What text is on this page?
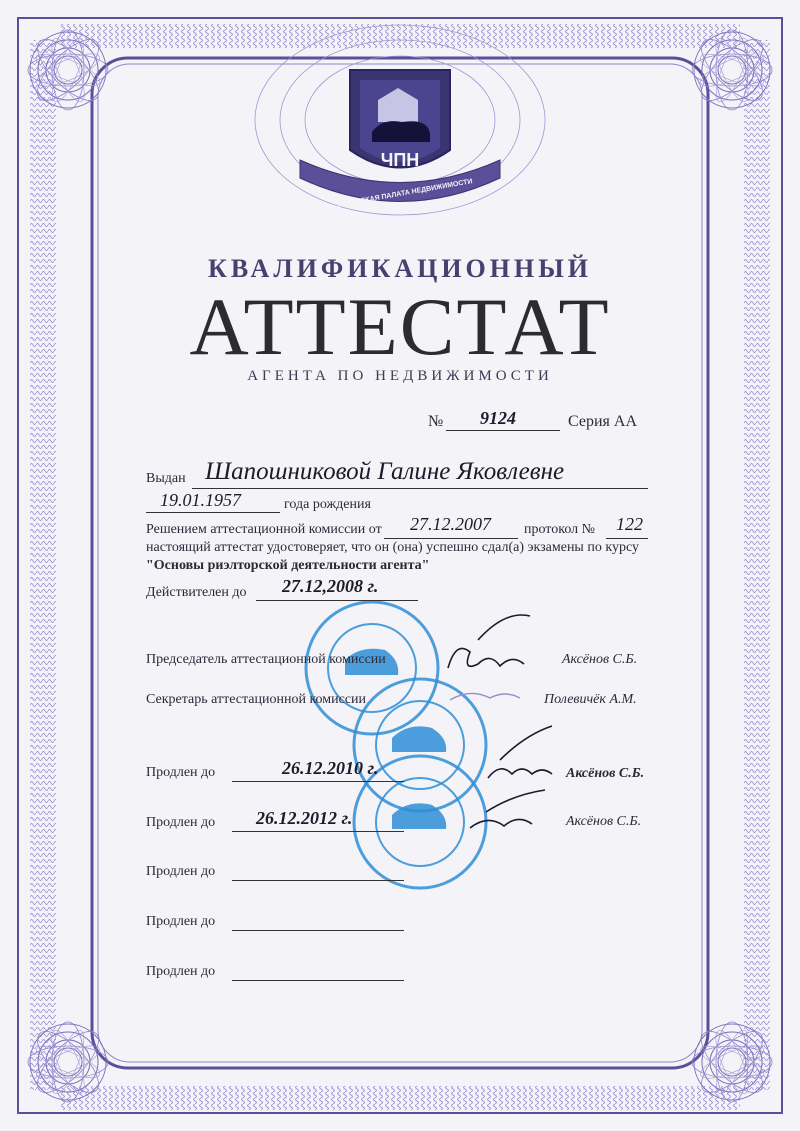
ЧПН
УРАЛЬСКАЯ ПАЛАТА НЕДВИЖИМОСТИ
КВАЛИФИКАЦИОННЫЙ
АТТЕСТАТ
АГЕНТА ПО НЕДВИЖИМОСТИ
№ 9124	Серия АА
Выдан Шапошниковой Галине Яковлевне
19.01.1957	года рождения
Решением аттестационной комиссии от 27.12.2007 протокол № 122
настоящий аттестат удостоверяет, что он (она) успешно сдал(а) экзамены по курсу
"Основы риэлторской деятельности агента"
Действителен до 27.12,2008 г.
Председатель аттестационной комиссии	Аксёнов С.Б.
Секретарь аттестационной комиссии	Полевичёк А.М.
Продлен до	26.12.2010 г.	Аксёнов С.Б.
Продлен до 26.12.2012 г.	Аксёнов С.Б.
Продлен до
Продлен до
Продлен до
